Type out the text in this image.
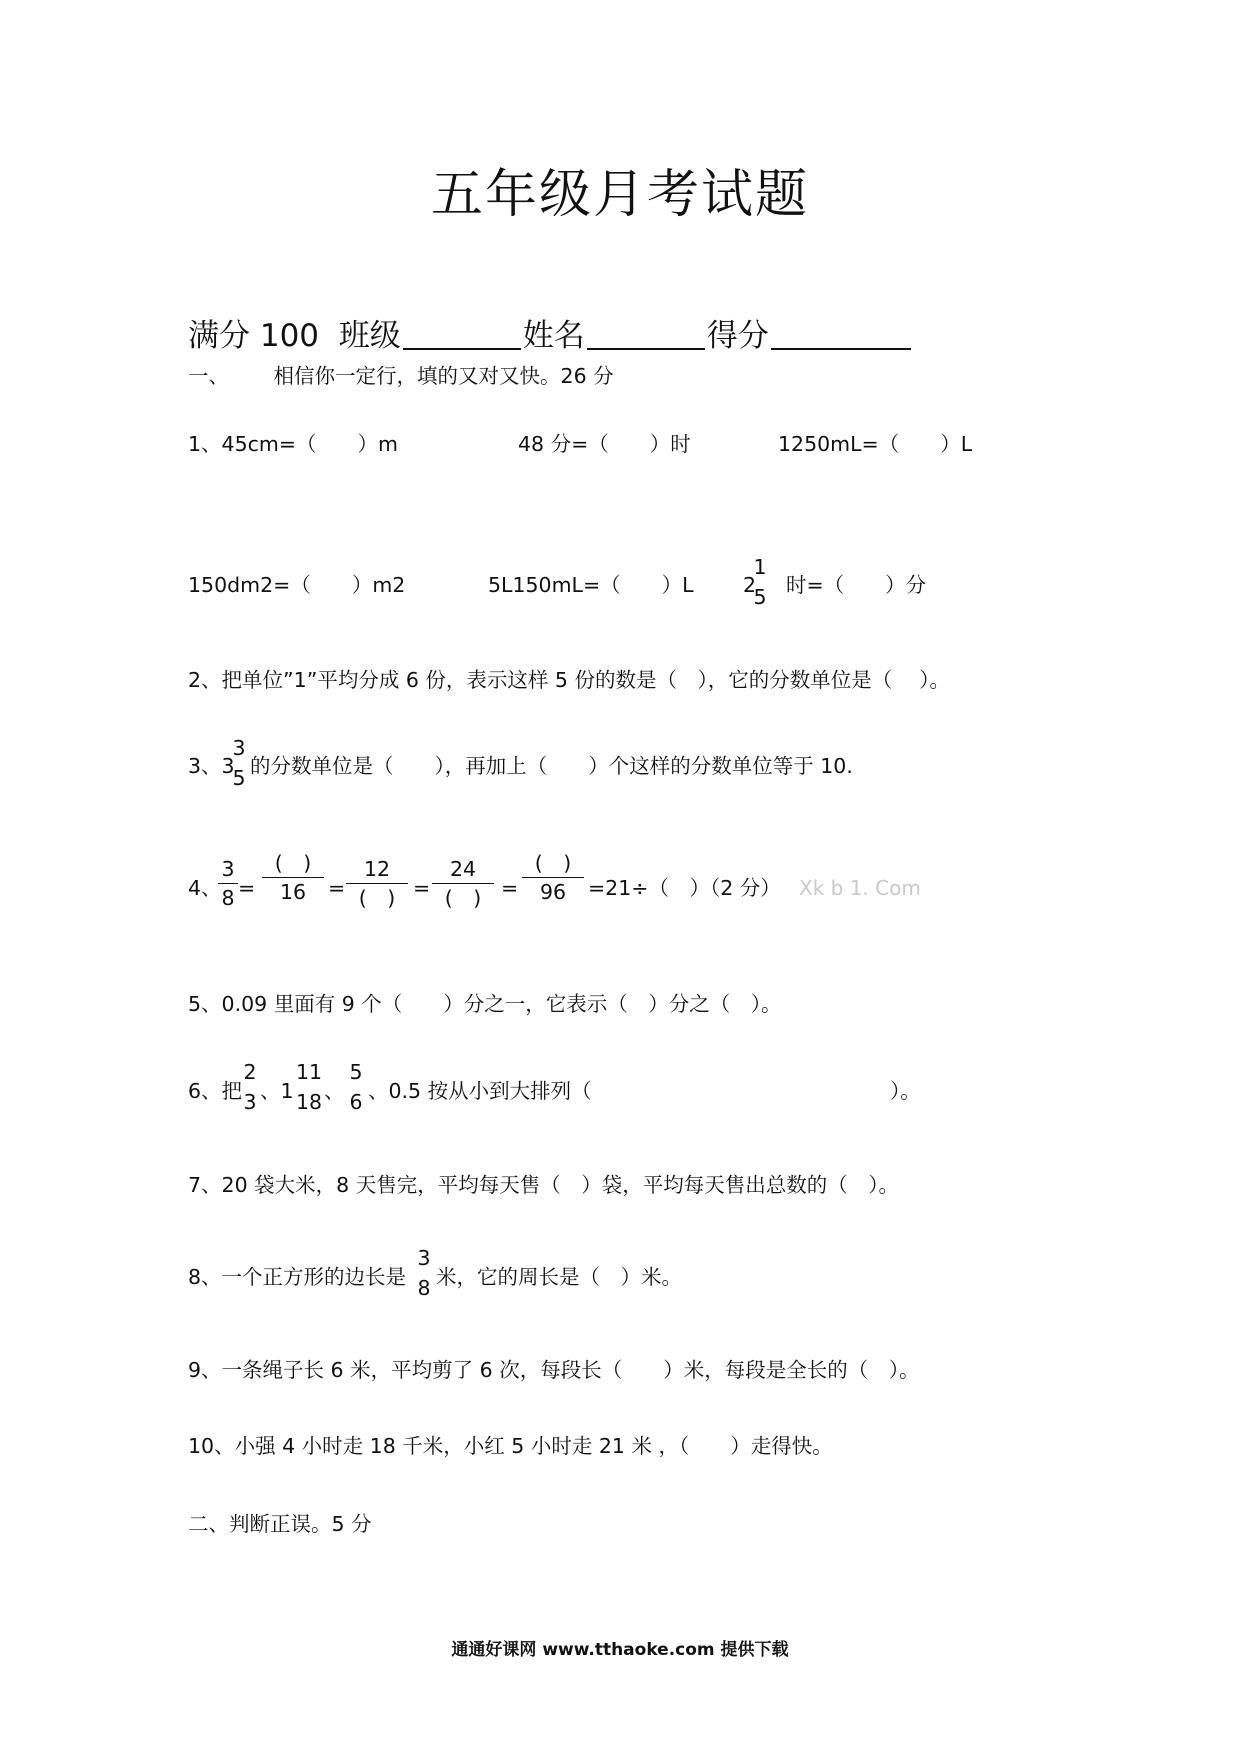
五年级月考试题
满分 100 班级	姓名	得分
一、 相信你一定行，填的又对又快。26 分
1、45cm=（　　）m	48 分=（　　）时	1250mL=（　　）L
150dm2=（　　）m2	5L150mL=（　　）L 2 时=（　　）分
1
5
2、把单位”1”平均分成 6 份，表示这样 5 份的数是（　），它的分数单位是（　 ）。
3、3 的分数单位是（　　），再加上（　　）个这样的分数单位等于 10.
3
5
4、 =	=	=	=	=21÷（　）（2 分） Xk b 1. Com
3
8
(　)
16
12
(　)
24
(　)
(　)
96
5、0.09 里面有 9 个（　　）分之一，它表示（　）分之（　）。
6、把 、1 、 、0.5 按从小到大排列（	）。
2
3
11
18
5
6
7、20 袋大米，8 天售完，平均每天售（　）袋，平均每天售出总数的（　）。
8、一个正方形的边长是 米，它的周长是（　）米。
3
8
9、一条绳子长 6 米，平均剪了 6 次，每段长（　　）米，每段是全长的（　）。
10、小强 4 小时走 18 千米，小红 5 小时走 21 米 ，（　　）走得快。
二、判断正误。5 分
通通好课网 www.tthaoke.com 提供下载
